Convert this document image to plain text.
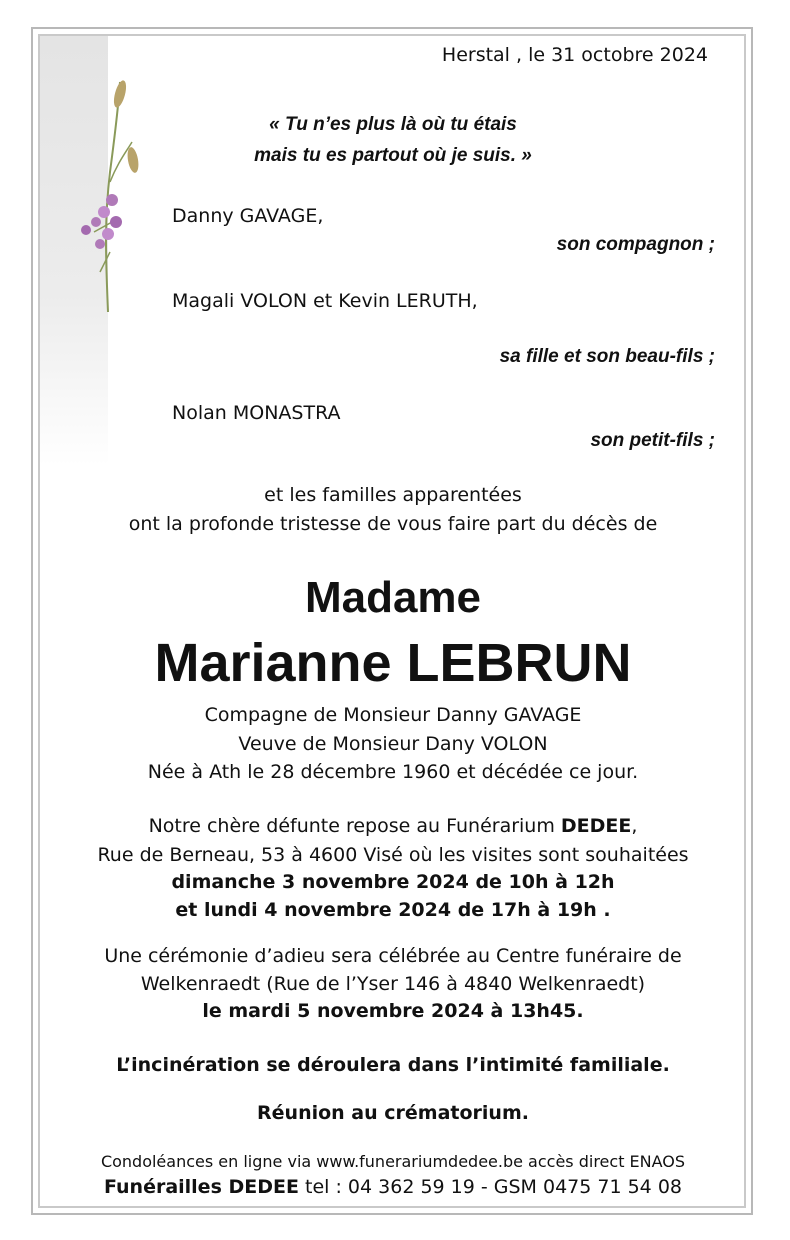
Herstal , le 31 octobre 2024
« Tu n’es plus là où tu étais
mais tu es partout où je suis. »
Danny GAVAGE,
son compagnon ;
Magali VOLON et Kevin LERUTH,
sa fille et son beau-fils ;
Nolan MONASTRA
son petit-fils ;
et les familles apparentées
ont la profonde tristesse de vous faire part du décès de
Madame
Marianne LEBRUN
Compagne de Monsieur Danny GAVAGE
Veuve de Monsieur Dany VOLON
Née à Ath le 28 décembre 1960 et décédée ce jour.
Notre chère défunte repose au Funérarium DEDEE,
Rue de Berneau, 53 à 4600 Visé où les visites sont souhaitées
dimanche 3 novembre 2024 de 10h à 12h
et lundi 4 novembre 2024 de 17h à 19h .
Une cérémonie d’adieu sera célébrée au Centre funéraire de
Welkenraedt (Rue de l’Yser 146 à 4840 Welkenraedt)
le mardi 5 novembre 2024 à 13h45.
L’incinération se déroulera dans l’intimité familiale.
Réunion au crématorium.
Condoléances en ligne via www.funerariumdedee.be accès direct ENAOS
Funérailles DEDEE tel : 04 362 59 19 - GSM 0475 71 54 08
